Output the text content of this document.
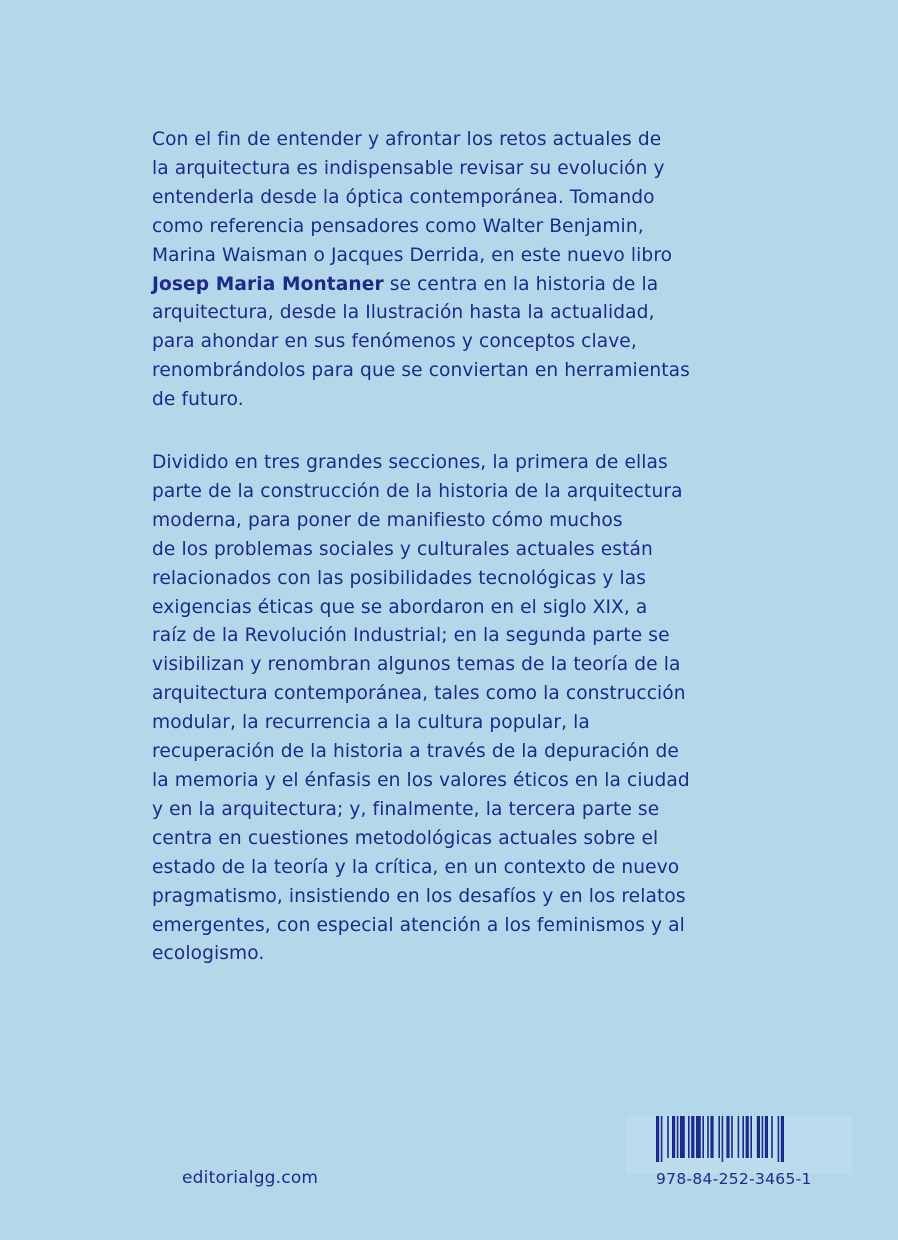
Con el fin de entender y afrontar los retos actuales de
la arquitectura es indispensable revisar su evolución y
entenderla desde la óptica contemporánea. Tomando
como referencia pensadores como Walter Benjamin,
Marina Waisman o Jacques Derrida, en este nuevo libro
Josep Maria Montaner se centra en la historia de la
arquitectura, desde la Ilustración hasta la actualidad,
para ahondar en sus fenómenos y conceptos clave,
renombrándolos para que se conviertan en herramientas
de futuro.

Dividido en tres grandes secciones, la primera de ellas
parte de la construcción de la historia de la arquitectura
moderna, para poner de manifiesto cómo muchos
de los problemas sociales y culturales actuales están
relacionados con las posibilidades tecnológicas y las
exigencias éticas que se abordaron en el siglo XIX, a
raíz de la Revolución Industrial; en la segunda parte se
visibilizan y renombran algunos temas de la teoría de la
arquitectura contemporánea, tales como la construcción
modular, la recurrencia a la cultura popular, la
recuperación de la historia a través de la depuración de
la memoria y el énfasis en los valores éticos en la ciudad
y en la arquitectura; y, finalmente, la tercera parte se
centra en cuestiones metodológicas actuales sobre el
estado de la teoría y la crítica, en un contexto de nuevo
pragmatismo, insistiendo en los desafíos y en los relatos
emergentes, con especial atención a los feminismos y al
ecologismo.

editorialgg.com	978-84-252-3465-1
